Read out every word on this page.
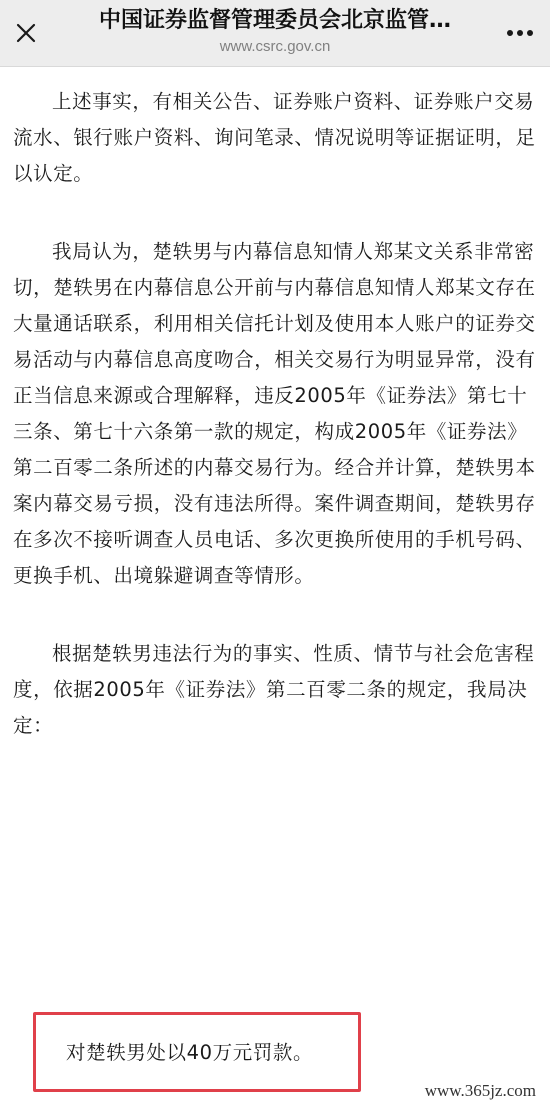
中国证券监督管理委员会北京监管…
www.csrc.gov.cn

上述事实，有相关公告、证券账户资料、证券账户交易流水、银行账户资料、询问笔录、情况说明等证据证明，足以认定。

我局认为，楚轶男与内幕信息知情人郑某文关系非常密切，楚轶男在内幕信息公开前与内幕信息知情人郑某文存在大量通话联系，利用相关信托计划及使用本人账户的证券交易活动与内幕信息高度吻合，相关交易行为明显异常，没有正当信息来源或合理解释，违反2005年《证券法》第七十三条、第七十六条第一款的规定，构成2005年《证券法》第二百零二条所述的内幕交易行为。经合并计算，楚轶男本案内幕交易亏损，没有违法所得。案件调查期间，楚轶男存在多次不接听调查人员电话、多次更换所使用的手机号码、更换手机、出境躲避调查等情形。

根据楚轶男违法行为的事实、性质、情节与社会危害程度，依据2005年《证券法》第二百零二条的规定，我局决定：

对楚轶男处以40万元罚款。
www.365jz.com
